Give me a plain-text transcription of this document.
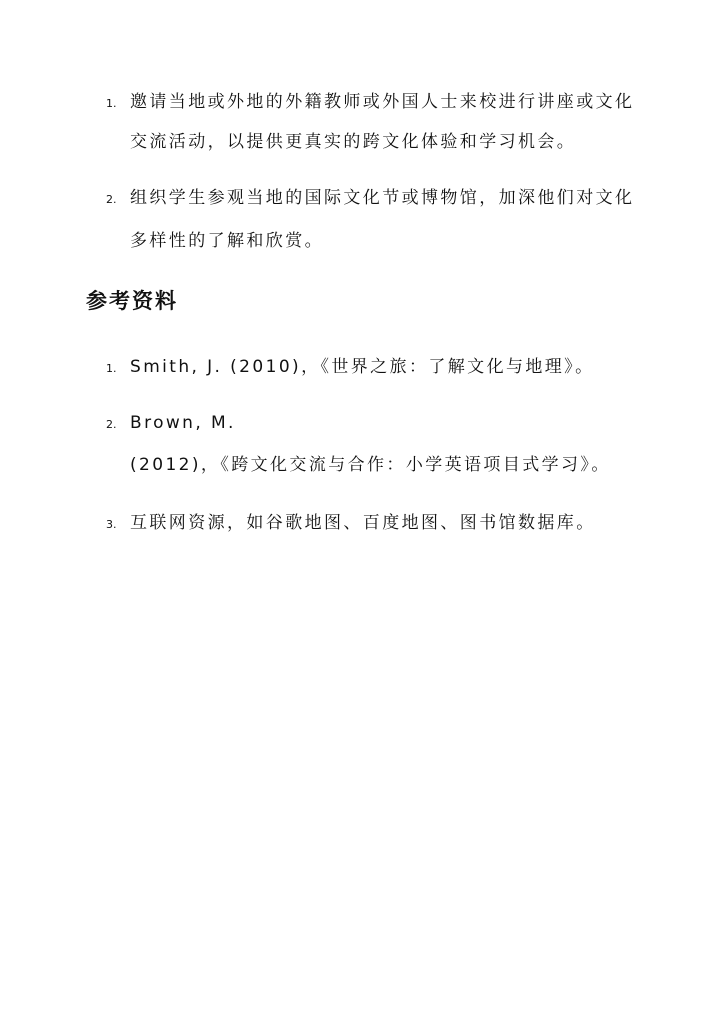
1. 邀请当地或外地的外籍教师或外国人士来校进行讲座或文化
交流活动，以提供更真实的跨文化体验和学习机会。
2. 组织学生参观当地的国际文化节或博物馆，加深他们对文化
多样性的了解和欣赏。
参考资料
1. Smith, J. (2010)，《世界之旅：了解文化与地理》。
2. Brown, M.
(2012)，《跨文化交流与合作：小学英语项目式学习》。
3. 互联网资源，如谷歌地图、百度地图、图书馆数据库。
